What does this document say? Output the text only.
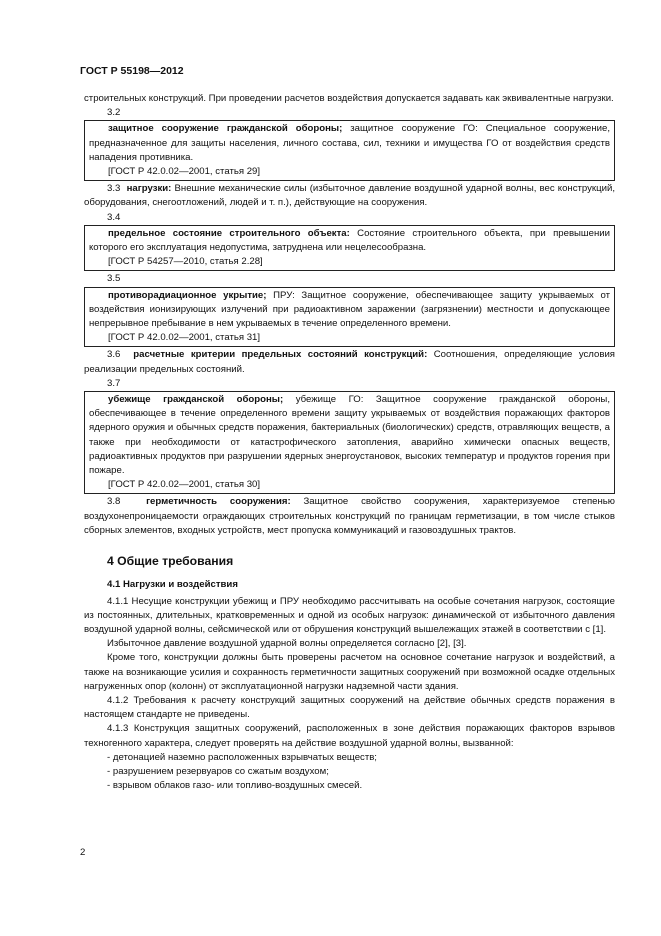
ГОСТ Р 55198—2012

строительных конструкций. При проведении расчетов воздействия допускается задавать как эквивалентные нагрузки.

3.2

защитное сооружение гражданской обороны; защитное сооружение ГО: Специальное сооружение, предназначенное для защиты населения, личного состава, сил, техники и имущества ГО от воздействия средств нападения противника.

[ГОСТ Р 42.0.02—2001, статья 29]

3.3 нагрузки: Внешние механические силы (избыточное давление воздушной ударной волны, вес конструкций, оборудования, снегоотложений, людей и т. п.), действующие на сооружения.

3.4

предельное состояние строительного объекта: Состояние строительного объекта, при превышении которого его эксплуатация недопустима, затруднена или нецелесообразна.

[ГОСТ Р 54257—2010, статья 2.28]

3.5

противорадиационное укрытие; ПРУ: Защитное сооружение, обеспечивающее защиту укрываемых от воздействия ионизирующих излучений при радиоактивном заражении (загрязнении) местности и допускающее непрерывное пребывание в нем укрываемых в течение определенного времени.

[ГОСТ Р 42.0.02—2001, статья 31]

3.6 расчетные критерии предельных состояний конструкций: Соотношения, определяющие условия реализации предельных состояний.

3.7

убежище гражданской обороны; убежище ГО: Защитное сооружение гражданской обороны, обеспечивающее в течение определенного времени защиту укрываемых от воздействия поражающих факторов ядерного оружия и обычных средств поражения, бактериальных (биологических) средств, отравляющих веществ, а также при необходимости от катастрофического затопления, аварийно химически опасных веществ, радиоактивных продуктов при разрушении ядерных энергоустановок, высоких температур и продуктов горения при пожаре.

[ГОСТ Р 42.0.02—2001, статья 30]

3.8	герметичность сооружения: Защитное свойство сооружения, характеризуемое степенью воздухонепроницаемости ограждающих строительных конструкций по границам герметизации, в том числе стыков сборных элементов, входных устройств, мест пропуска коммуникаций и газовоздушных трактов.

4 Общие требования
4.1 Нагрузки и воздействия

4.1.1 Несущие конструкции убежищ и ПРУ необходимо рассчитывать на особые сочетания нагрузок, состоящие из постоянных, длительных, кратковременных и одной из особых нагрузок: динамической от избыточного давления воздушной ударной волны, сейсмической или от обрушения конструкций вышележащих этажей в соответствии с [1].

Избыточное давление воздушной ударной волны определяется согласно [2], [3].

Кроме того, конструкции должны быть проверены расчетом на основное сочетание нагрузок и воздействий, а также на возникающие усилия и сохранность герметичности защитных сооружений при возможной осадке отдельных нагруженных опор (колонн) от эксплуатационной нагрузки надземной части здания.

4.1.2 Требования к расчету конструкций защитных сооружений на действие обычных средств поражения в настоящем стандарте не приведены.

4.1.3 Конструкция защитных сооружений, расположенных в зоне действия поражающих факторов взрывов техногенного характера, следует проверять на действие воздушной ударной волны, вызванной:

- детонацией наземно расположенных взрывчатых веществ;
- разрушением резервуаров со сжатым воздухом;
- взрывом облаков газо- или топливо-воздушных смесей.
2
